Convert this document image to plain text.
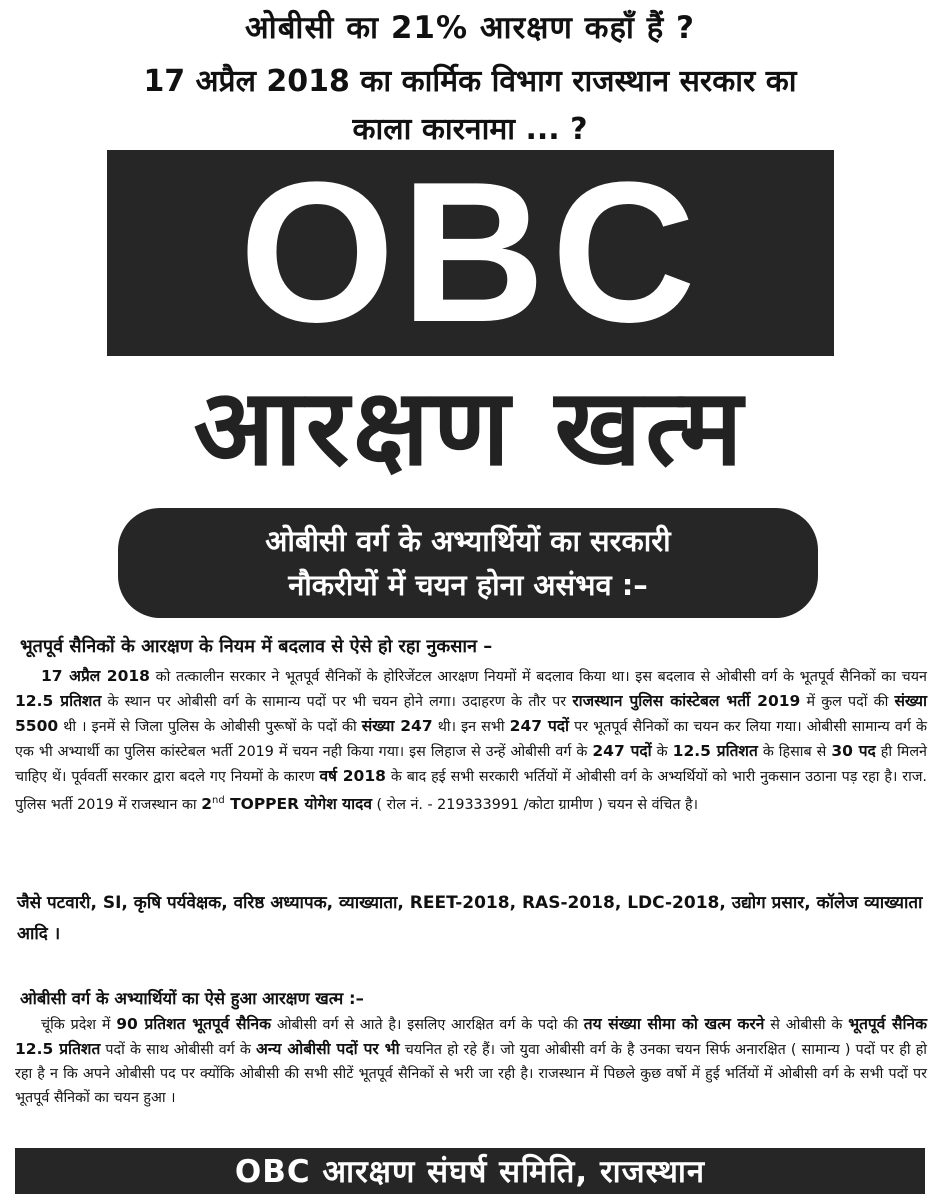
ओबीसी का 21% आरक्षण कहाँ हैं ?
17 अप्रैल 2018 का कार्मिक विभाग राजस्थान सरकार का
काला कारनामा ... ?
OBC
आरक्षण खत्म
ओबीसी वर्ग के अभ्यार्थियों का सरकारी
नौकरीयों में चयन होना असंभव :–
भूतपूर्व सैनिकों के आरक्षण के नियम में बदलाव से ऐसे हो रहा नुकसान –

17 अप्रैल 2018 को तत्कालीन सरकार ने भूतपूर्व सैनिकों के होरिजेंटल आरक्षण नियमों में बदलाव किया था। इस बदलाव से ओबीसी वर्ग के भूतपूर्व सैनिकों का चयन 12.5 प्रतिशत के स्थान पर ओबीसी वर्ग के सामान्य पदों पर भी चयन होने लगा। उदाहरण के तौर पर राजस्थान पुलिस कांस्टेबल भर्ती 2019 में कुल पदों की संख्या 5500 थी । इनमें से जिला पुलिस के ओबीसी पुरूषों के पदों की संख्या 247 थी। इन सभी 247 पदों पर भूतपूर्व सैनिकों का चयन कर लिया गया। ओबीसी सामान्य वर्ग के एक भी अभ्यार्थी का पुलिस कांस्टेबल भर्ती 2019 में चयन नही किया गया। इस लिहाज से उन्हें ओबीसी वर्ग के 247 पदों के 12.5 प्रतिशत के हिसाब से 30 पद ही मिलने चाहिए थें। पूर्ववर्ती सरकार द्वारा बदले गए नियमों के कारण वर्ष 2018 के बाद हई सभी सरकारी भर्तियों में ओबीसी वर्ग के अभ्यर्थियों को भारी नुकसान उठाना पड़ रहा है। राज. पुलिस भर्ती 2019 में राजस्थान का 2nd TOPPER योगेश यादव ( रोल नं. - 219333991 /कोटा ग्रामीण ) चयन से वंचित है।

जैसे पटवारी, SI, कृषि पर्यवेक्षक, वरिष्ठ अध्यापक, व्याख्याता, REET-2018, RAS-2018, LDC-2018, उद्योग प्रसार, कॉलेज व्याख्याता आदि ।
ओबीसी वर्ग के अभ्यार्थियों का ऐसे हुआ आरक्षण खत्म :–

चूंकि प्रदेश में 90 प्रतिशत भूतपूर्व सैनिक ओबीसी वर्ग से आते है। इसलिए आरक्षित वर्ग के पदो की तय संख्या सीमा को खत्म करने से ओबीसी के भूतपूर्व सैनिक 12.5 प्रतिशत पदों के साथ ओबीसी वर्ग के अन्य ओबीसी पदों पर भी चयनित हो रहे हैं। जो युवा ओबीसी वर्ग के है उनका चयन सिर्फ अनारक्षित ( सामान्य ) पदों पर ही हो रहा है न कि अपने ओबीसी पद पर क्योंकि ओबीसी की सभी सीटें भूतपूर्व सैनिकों से भरी जा रही है। राजस्थान में पिछले कुछ वर्षो में हुई भर्तियों में ओबीसी वर्ग के सभी पदों पर भूतपूर्व सैनिकों का चयन हुआ ।

OBC आरक्षण संघर्ष समिति, राजस्थान
